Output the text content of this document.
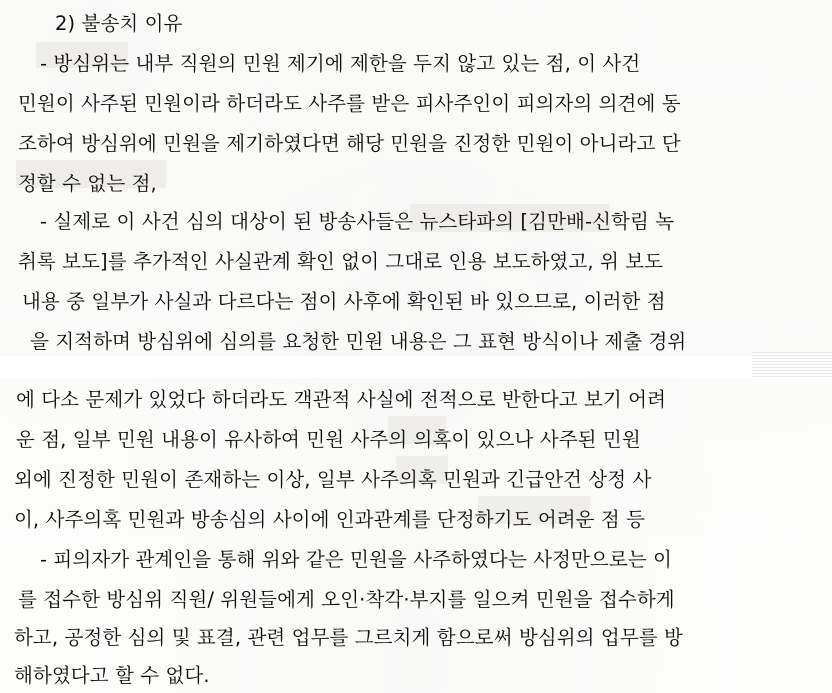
2) 불송치 이유
- 방심위는 내부 직원의 민원 제기에 제한을 두지 않고 있는 점, 이 사건
민원이 사주된 민원이라 하더라도 사주를 받은 피사주인이 피의자의 의견에 동
조하여 방심위에 민원을 제기하였다면 해당 민원을 진정한 민원이 아니라고 단
정할 수 없는 점,
- 실제로 이 사건 심의 대상이 된 방송사들은 뉴스타파의 [김만배-신학림 녹
취록 보도]를 추가적인 사실관계 확인 없이 그대로 인용 보도하였고, 위 보도
내용 중 일부가 사실과 다르다는 점이 사후에 확인된 바 있으므로, 이러한 점
을 지적하며 방심위에 심의를 요청한 민원 내용은 그 표현 방식이나 제출 경위
에 다소 문제가 있었다 하더라도 객관적 사실에 전적으로 반한다고 보기 어려
운 점, 일부 민원 내용이 유사하여 민원 사주의 의혹이 있으나 사주된 민원
외에 진정한 민원이 존재하는 이상, 일부 사주의혹 민원과 긴급안건 상정 사
이, 사주의혹 민원과 방송심의 사이에 인과관계를 단정하기도 어려운 점 등
- 피의자가 관계인을 통해 위와 같은 민원을 사주하였다는 사정만으로는 이
를 접수한 방심위 직원/ 위원들에게 오인·착각·부지를 일으켜 민원을 접수하게
하고, 공정한 심의 및 표결, 관련 업무를 그르치게 함으로써 방심위의 업무를 방
해하였다고 할 수 없다.
